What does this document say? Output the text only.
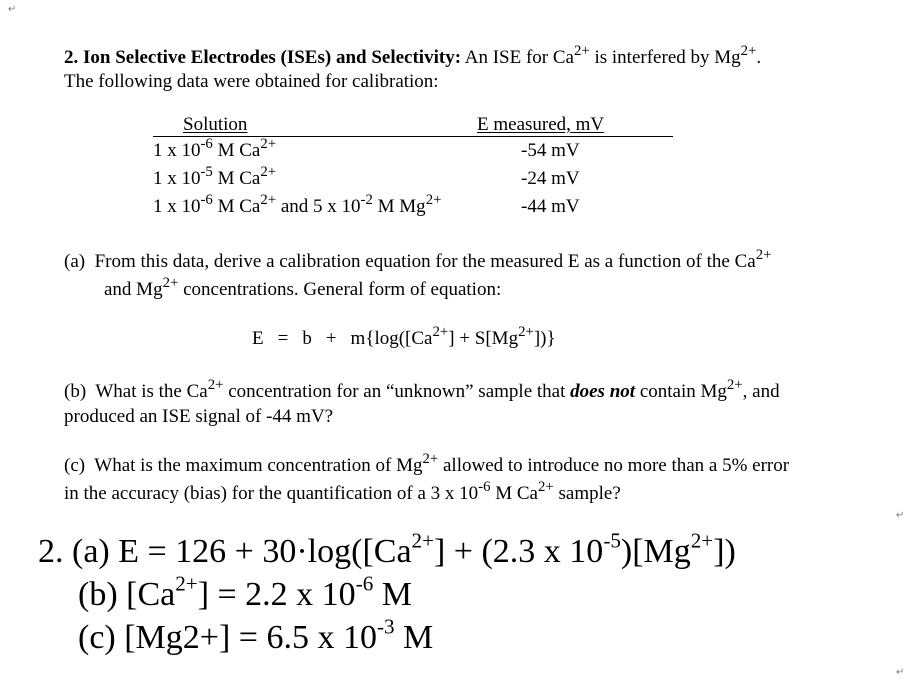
↵
↵
↵
2. Ion Selective Electrodes (ISEs) and Selectivity: An ISE for $Ca^{2+}$ is interfered by $Mg^{2+}$.
The following data were obtained for calibration:
Solution	E measured, mV
1 x $10^{-6}$ M $Ca^{2+}$	-54 mV
1 x $10^{-5}$ M $Ca^{2+}$	-24 mV
1 x $10^{-6}$ M $Ca^{2+}$ and 5 x $10^{-2}$ M $Mg^{2+}$	-44 mV
(a) From this data, derive a calibration equation for the measured E as a function of the $Ca^{2+}$
and $Mg^{2+}$ concentrations. General form of equation:
$E = b + m\{\log([Ca^{2+}] + S[Mg^{2+}])\}$
(b) What is the $Ca^{2+}$ concentration for an “unknown” sample that does not contain $Mg^{2+}$, and
produced an ISE signal of -44 mV?
(c) What is the maximum concentration of $Mg^{2+}$ allowed to introduce no more than a 5% error
in the accuracy (bias) for the quantification of a 3 x $10^{-6}$ M $Ca^{2+}$ sample?
2. (a) $E = 126 + 30\cdot\log([Ca^{2+}] + (2.3$ x $10^{-5})[Mg^{2+}]$)
(b) $[Ca^{2+}] = 2.2$ x $10^{-6}$ M
(c) [Mg2+] = 6.5 x $10^{-3}$ M
